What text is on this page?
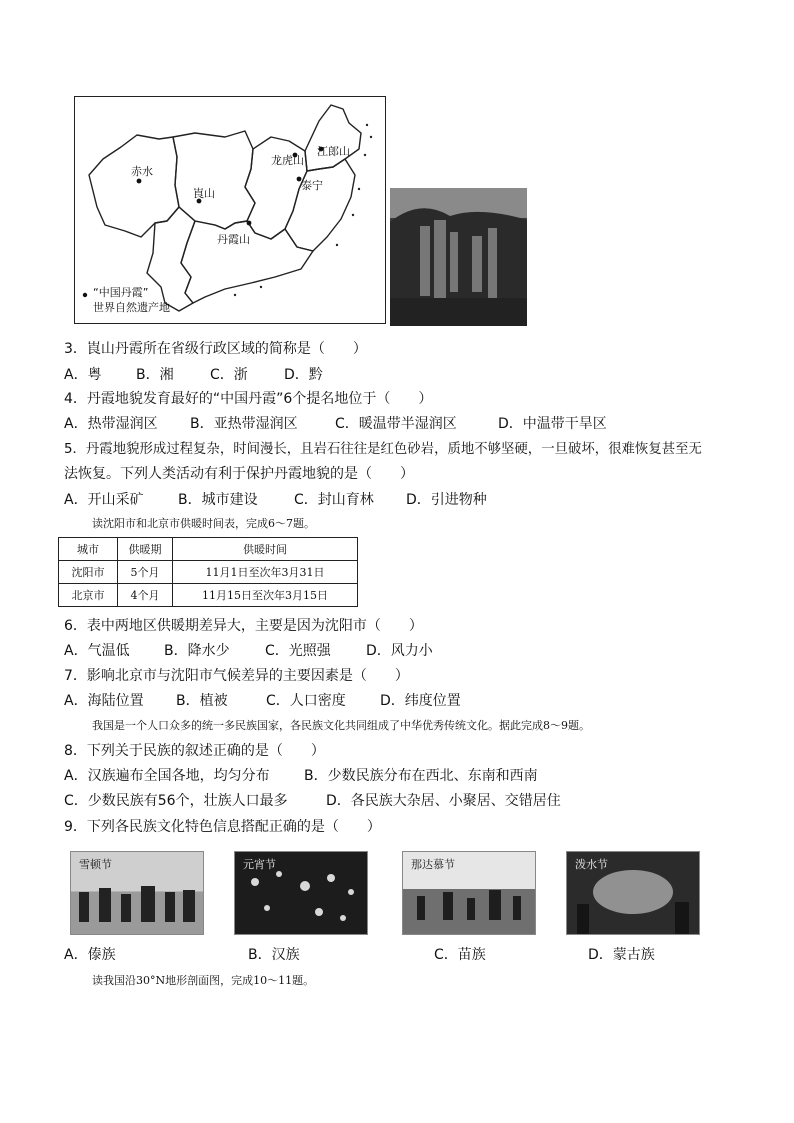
赤水
崀山
丹霞山
龙虎山
江郎山
泰宁
“中国丹霞”
世界自然遗产地
3．崀山丹霞所在省级行政区域的简称是（　　）
A．粤 B．湘	C．浙	D．黔
4．丹霞地貌发育最好的“中国丹霞”6个提名地位于（　　）
A．热带湿润区 B．亚热带湿润区	C．暖温带半湿润区	D．中温带干旱区
5．丹霞地貌形成过程复杂，时间漫长，且岩石往往是红色砂岩，质地不够坚硬，一旦破坏，很难恢复甚至无
法恢复。下列人类活动有利于保护丹霞地貌的是（　　）
A．开山采矿 B．城市建设	C．封山育林 D．引进物种
读沈阳市和北京市供暖时间表，完成6～7题。
城市	供暖期	供暖时间
沈阳市	5个月	11月1日至次年3月31日
北京市	4个月	11月15日至次年3月15日
6．表中两地区供暖期差异大，主要是因为沈阳市（　　）
A．气温低 B．降水少	C．光照强	D．风力小
7．影响北京市与沈阳市气候差异的主要因素是（　　）
A．海陆位置 B．植被	C．人口密度 D．纬度位置
我国是一个人口众多的统一多民族国家，各民族文化共同组成了中华优秀传统文化。据此完成8～9题。
8．下列关于民族的叙述正确的是（　　）
A．汉族遍布全国各地，均匀分布 B．少数民族分布在西北、东南和西南
C．少数民族有56个，壮族人口最多	D．各民族大杂居、小聚居、交错居住
9．下列各民族文化特色信息搭配正确的是（　　）
雪顿节	元宵节	那达慕节	泼水节
A．傣族	B．汉族	C．苗族	D．蒙古族
读我国沿30°N地形剖面图，完成10～11题。
